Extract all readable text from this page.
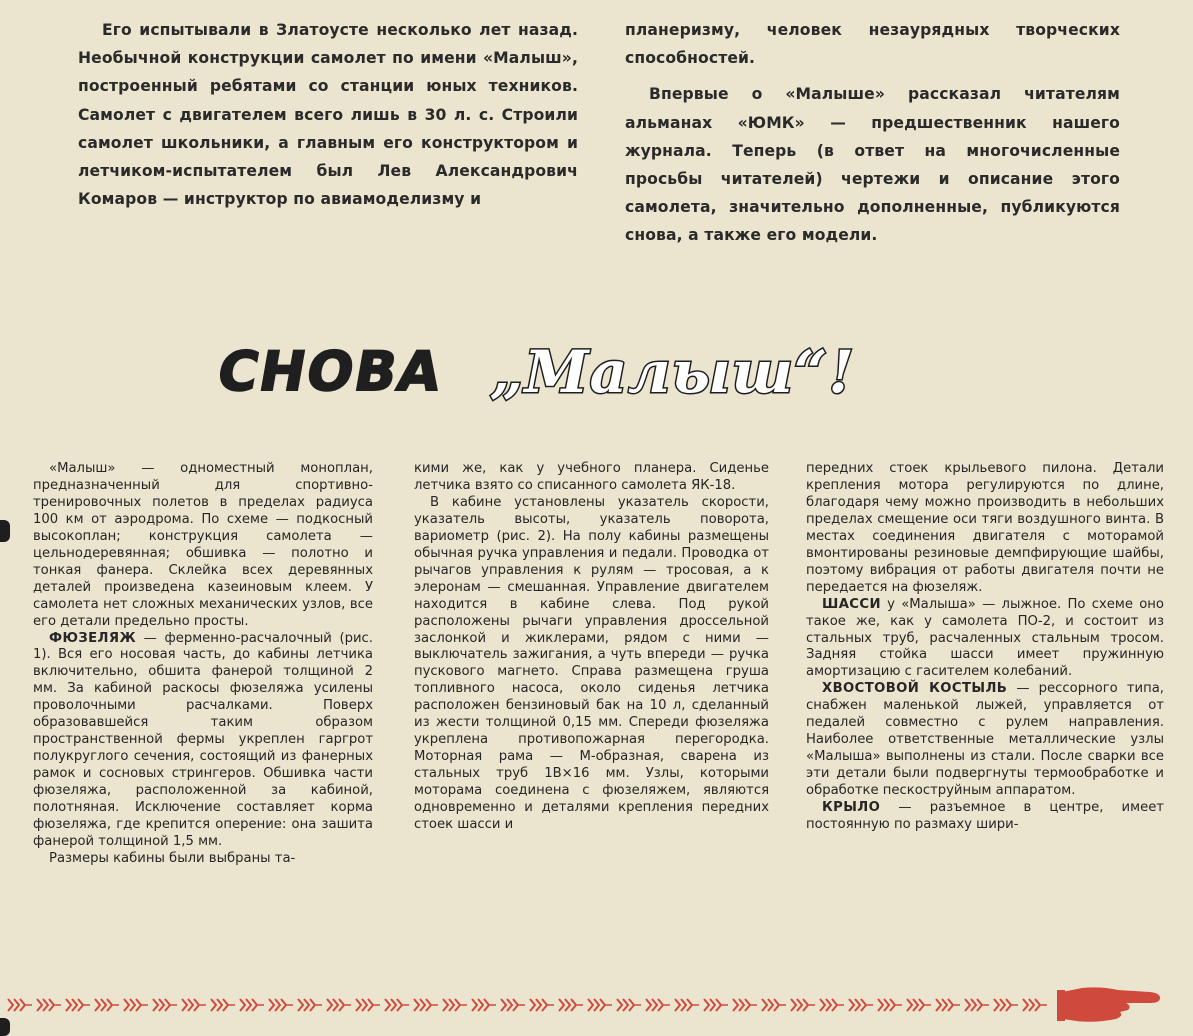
Его испытывали в Златоусте несколько лет назад. Необычной конструкции самолет по имени «Малыш», построенный ребятами со станции юных техников. Самолет с двигателем всего лишь в 30 л. с. Строили самолет школьники, а главным его конструктором и летчиком-испытателем был Лев Александрович Комаров — инструктор по авиамоделизму и

планеризму, человек незаурядных творческих способностей.

Впервые о «Малыше» рассказал читателям альманах «ЮМК» — предшественник нашего журнала. Теперь (в ответ на многочисленные просьбы читателей) чертежи и описание этого самолета, значительно дополненные, публикуются снова, а также его модели.

СНОВА „Малыш“!

«Малыш» — одноместный моноплан, предназначенный для спортивно-тренировочных полетов в пределах радиуса 100 км от аэродрома. По схеме — подкосный высокоплан; конструкция самолета — цельнодеревянная; обшивка — полотно и тонкая фанера. Склейка всех деревянных деталей произведена казеиновым клеем. У самолета нет сложных механических узлов, все его детали предельно просты.

ФЮЗЕЛЯЖ — ферменно-расчалочный (рис. 1). Вся его носовая часть, до кабины летчика включительно, обшита фанерой толщиной 2 мм. За кабиной раскосы фюзеляжа усилены проволочными расчалками. Поверх образовавшейся таким образом пространственной фермы укреплен гаргрот полукруглого сечения, состоящий из фанерных рамок и сосновых стрингеров. Обшивка части фюзеляжа, расположенной за кабиной, полотняная. Исключение составляет корма фюзеляжа, где крепится оперение: она зашита фанерой толщиной 1,5 мм.

Размеры кабины были выбраны та-

кими же, как у учебного планера. Сиденье летчика взято со списанного самолета ЯК-18.

В кабине установлены указатель скорости, указатель высоты, указатель поворота, вариометр (рис. 2). На полу кабины размещены обычная ручка управления и педали. Проводка от рычагов управления к рулям — тросовая, а к элеронам — смешанная. Управление двигателем находится в кабине слева. Под рукой расположены рычаги управления дроссельной заслонкой и жиклерами, рядом с ними — выключатель зажигания, а чуть впереди — ручка пускового магнето. Справа размещена груша топливного насоса, около сиденья летчика расположен бензиновый бак на 10 л, сделанный из жести толщиной 0,15 мм. Спереди фюзеляжа укреплена противопожарная перегородка. Моторная рама — М-образная, сварена из стальных труб 1В×16 мм. Узлы, которыми моторама соединена с фюзеляжем, являются одновременно и деталями крепления передних стоек шасси и

передних стоек крыльевого пилона. Детали крепления мотора регулируются по длине, благодаря чему можно производить в небольших пределах смещение оси тяги воздушного винта. В местах соединения двигателя с моторамой вмонтированы резиновые демпфирующие шайбы, поэтому вибрация от работы двигателя почти не передается на фюзеляж.

ШАССИ у «Малыша» — лыжное. По схеме оно такое же, как у самолета ПО-2, и состоит из стальных труб, расчаленных стальным тросом. Задняя стойка шасси имеет пружинную амортизацию с гасителем колебаний.

ХВОСТОВОЙ КОСТЫЛЬ — рессорного типа, снабжен маленькой лыжей, управляется от педалей совместно с рулем направления. Наиболее ответственные металлические узлы «Малыша» выполнены из стали. После сварки все эти детали были подвергнуты термообработке и обработке пескоструйным аппаратом.

КРЫЛО — разъемное в центре, имеет постоянную по размаху шири-
